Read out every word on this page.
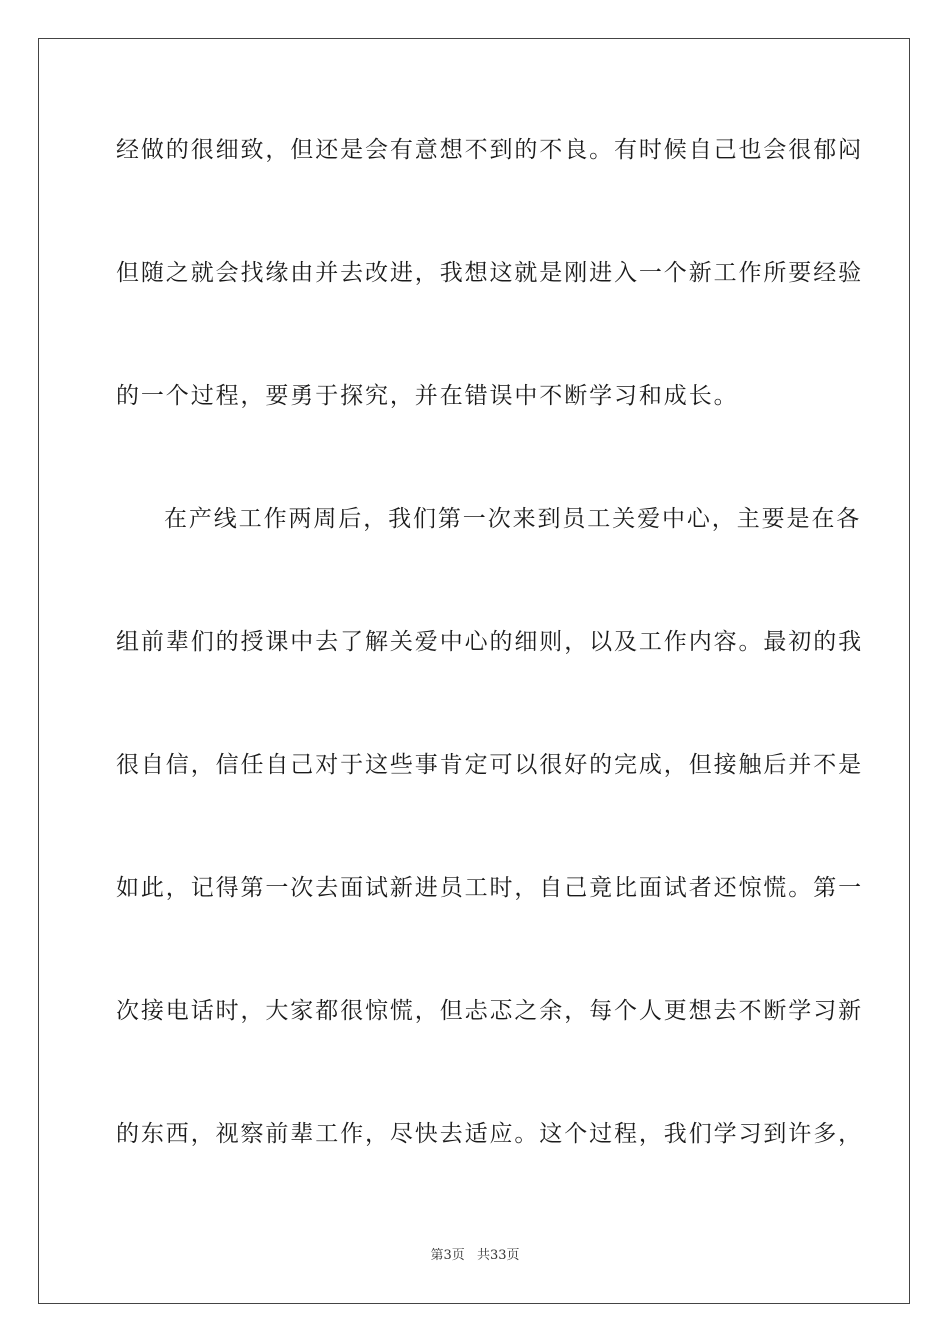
经做的很细致，但还是会有意想不到的不良。有时候自己也会很郁闷
但随之就会找缘由并去改进，我想这就是刚进入一个新工作所要经验
的一个过程，要勇于探究，并在错误中不断学习和成长。
在产线工作两周后，我们第一次来到员工关爱中心，主要是在各
组前辈们的授课中去了解关爱中心的细则，以及工作内容。最初的我
很自信，信任自己对于这些事肯定可以很好的完成，但接触后并不是
如此，记得第一次去面试新进员工时，自己竟比面试者还惊慌。第一
次接电话时，大家都很惊慌，但忐忑之余，每个人更想去不断学习新
的东西，视察前辈工作，尽快去适应。这个过程，我们学习到许多，
第3页 共33页
